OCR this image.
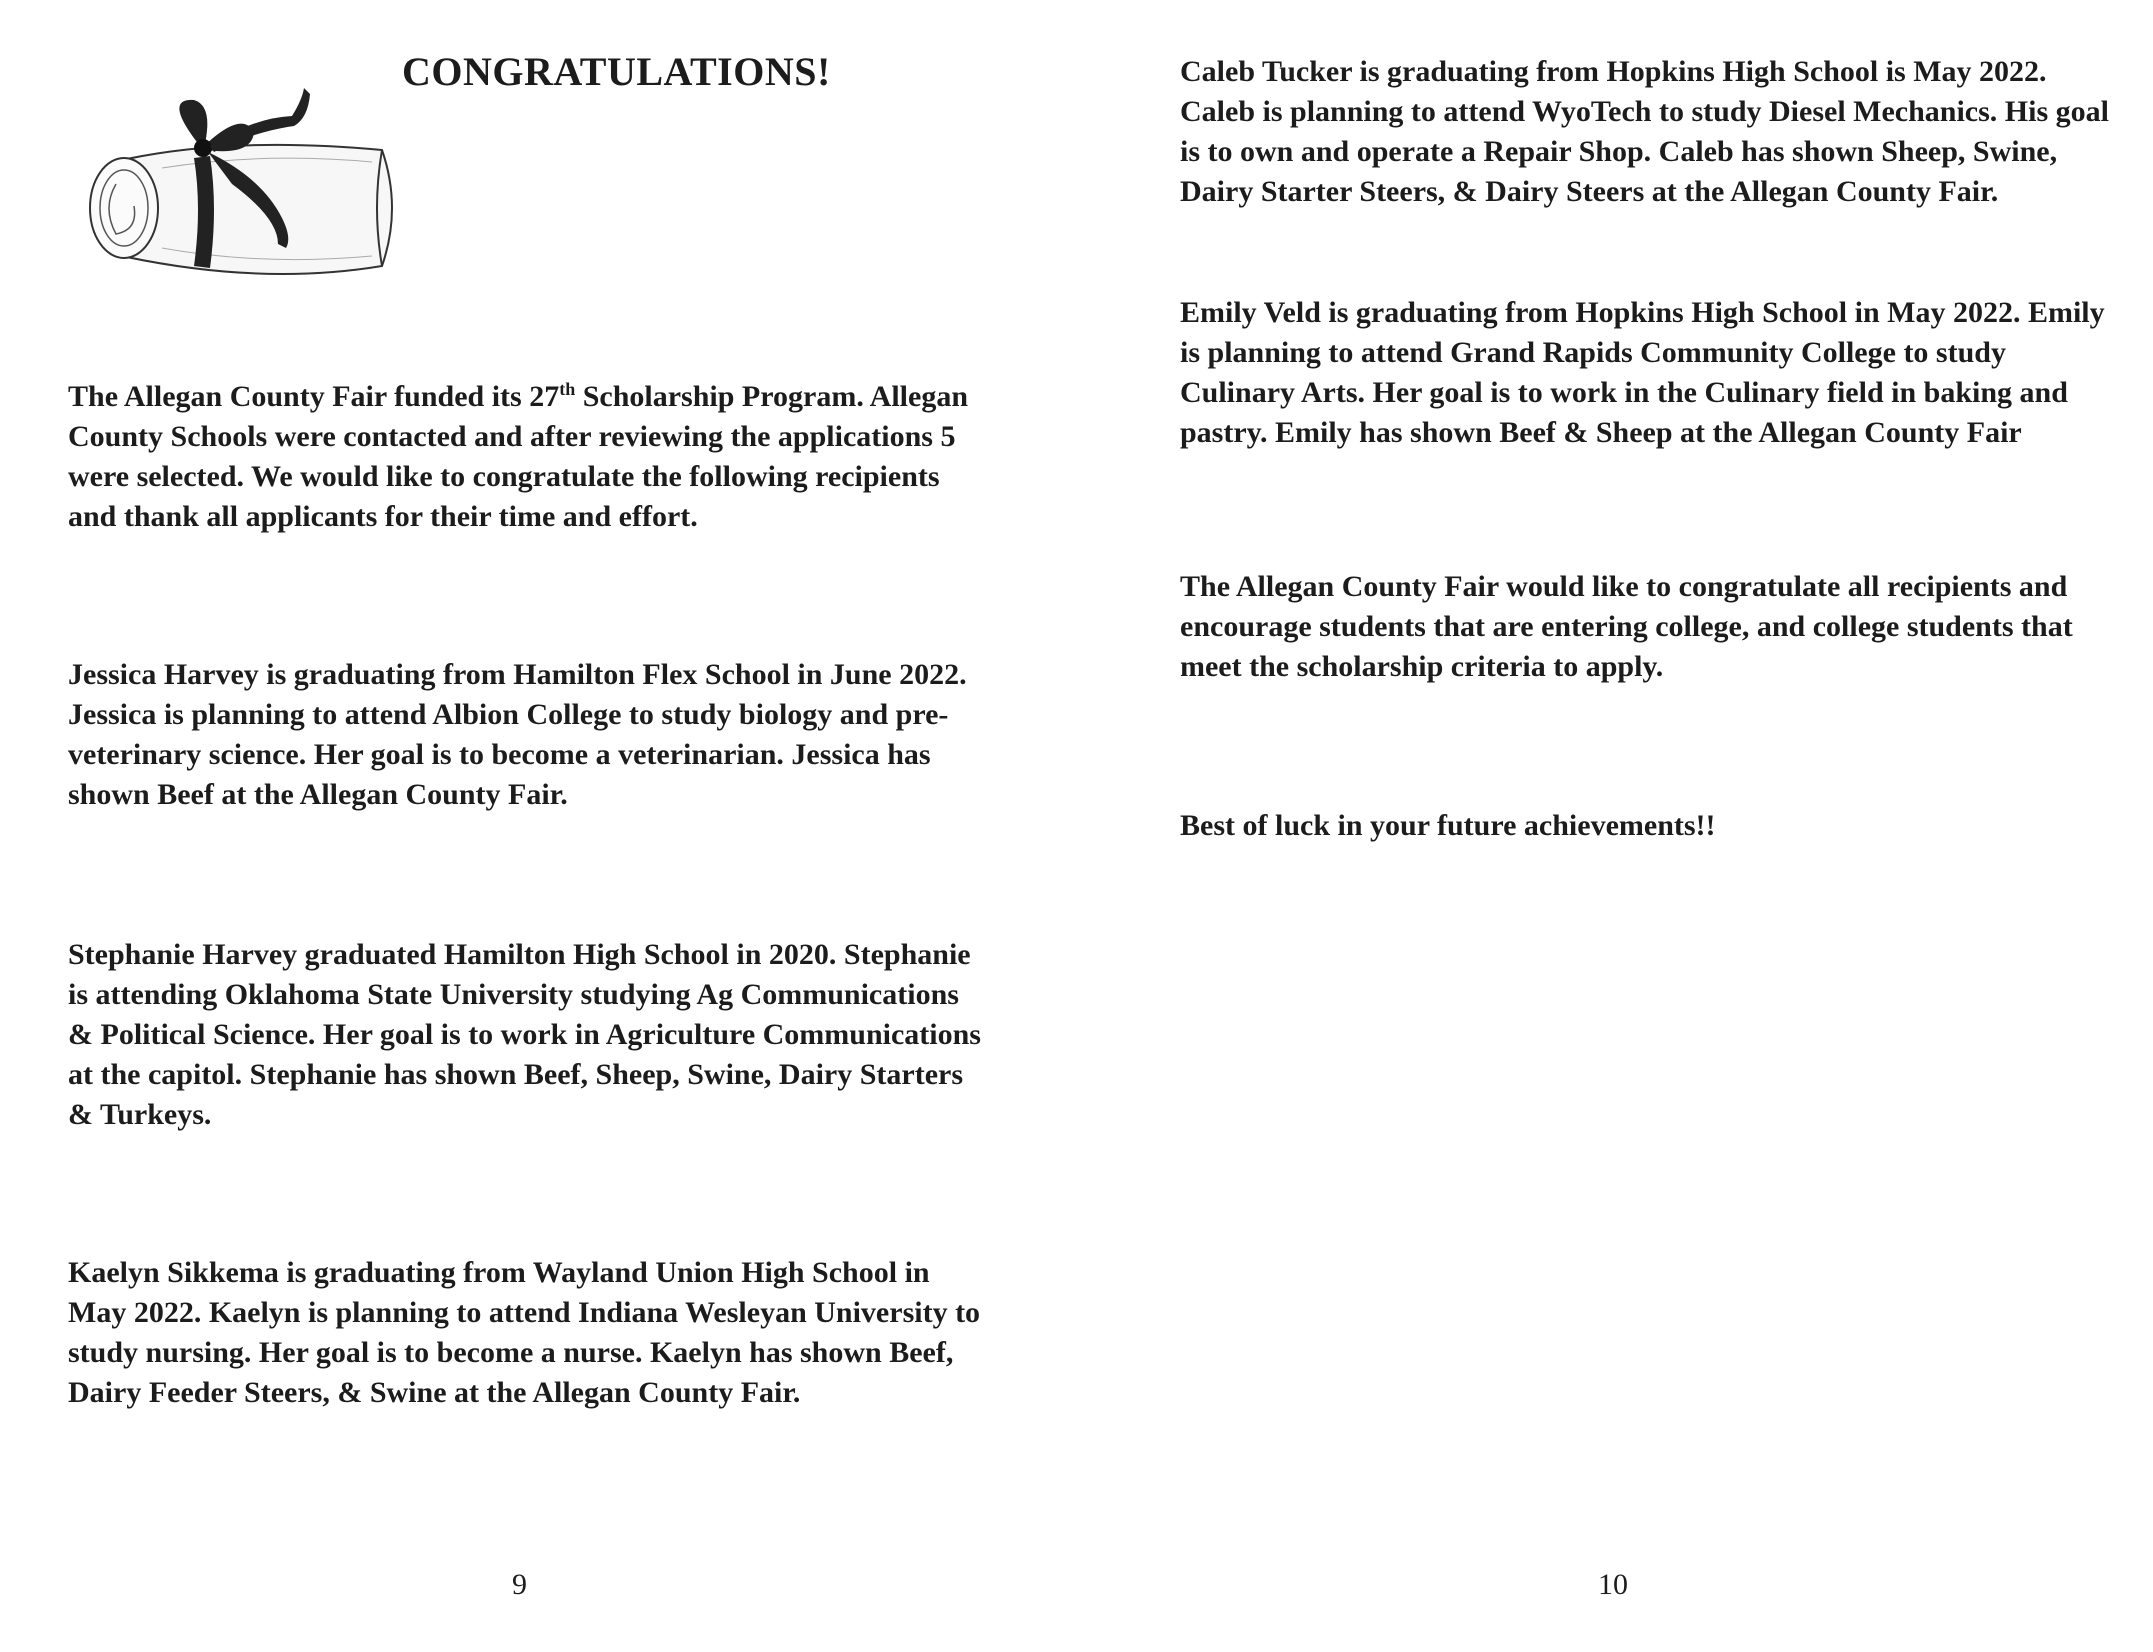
CONGRATULATIONS!

The Allegan County Fair funded its 27th Scholarship Program. Allegan County Schools were contacted and after reviewing the applications 5 were selected. We would like to congratulate the following recipients and thank all applicants for their time and effort.

Jessica Harvey is graduating from Hamilton Flex School in June 2022. Jessica is planning to attend Albion College to study biology and pre-veterinary science. Her goal is to become a veterinarian. Jessica has shown Beef at the Allegan County Fair.

Stephanie Harvey graduated Hamilton High School in 2020. Stephanie is attending Oklahoma State University studying Ag Communications & Political Science. Her goal is to work in Agriculture Communications at the capitol. Stephanie has shown Beef, Sheep, Swine, Dairy Starters & Turkeys.

Kaelyn Sikkema is graduating from Wayland Union High School in May 2022. Kaelyn is planning to attend Indiana Wesleyan University to study nursing. Her goal is to become a nurse. Kaelyn has shown Beef, Dairy Feeder Steers, & Swine at the Allegan County Fair.

9

Caleb Tucker is graduating from Hopkins High School is May 2022. Caleb is planning to attend WyoTech to study Diesel Mechanics. His goal is to own and operate a Repair Shop. Caleb has shown Sheep, Swine, Dairy Starter Steers, & Dairy Steers at the Allegan County Fair.

Emily Veld is graduating from Hopkins High School in May 2022. Emily is planning to attend Grand Rapids Community College to study Culinary Arts. Her goal is to work in the Culinary field in baking and pastry. Emily has shown Beef & Sheep at the Allegan County Fair

The Allegan County Fair would like to congratulate all recipients and encourage students that are entering college, and college students that meet the scholarship criteria to apply.

Best of luck in your future achievements!!

10
